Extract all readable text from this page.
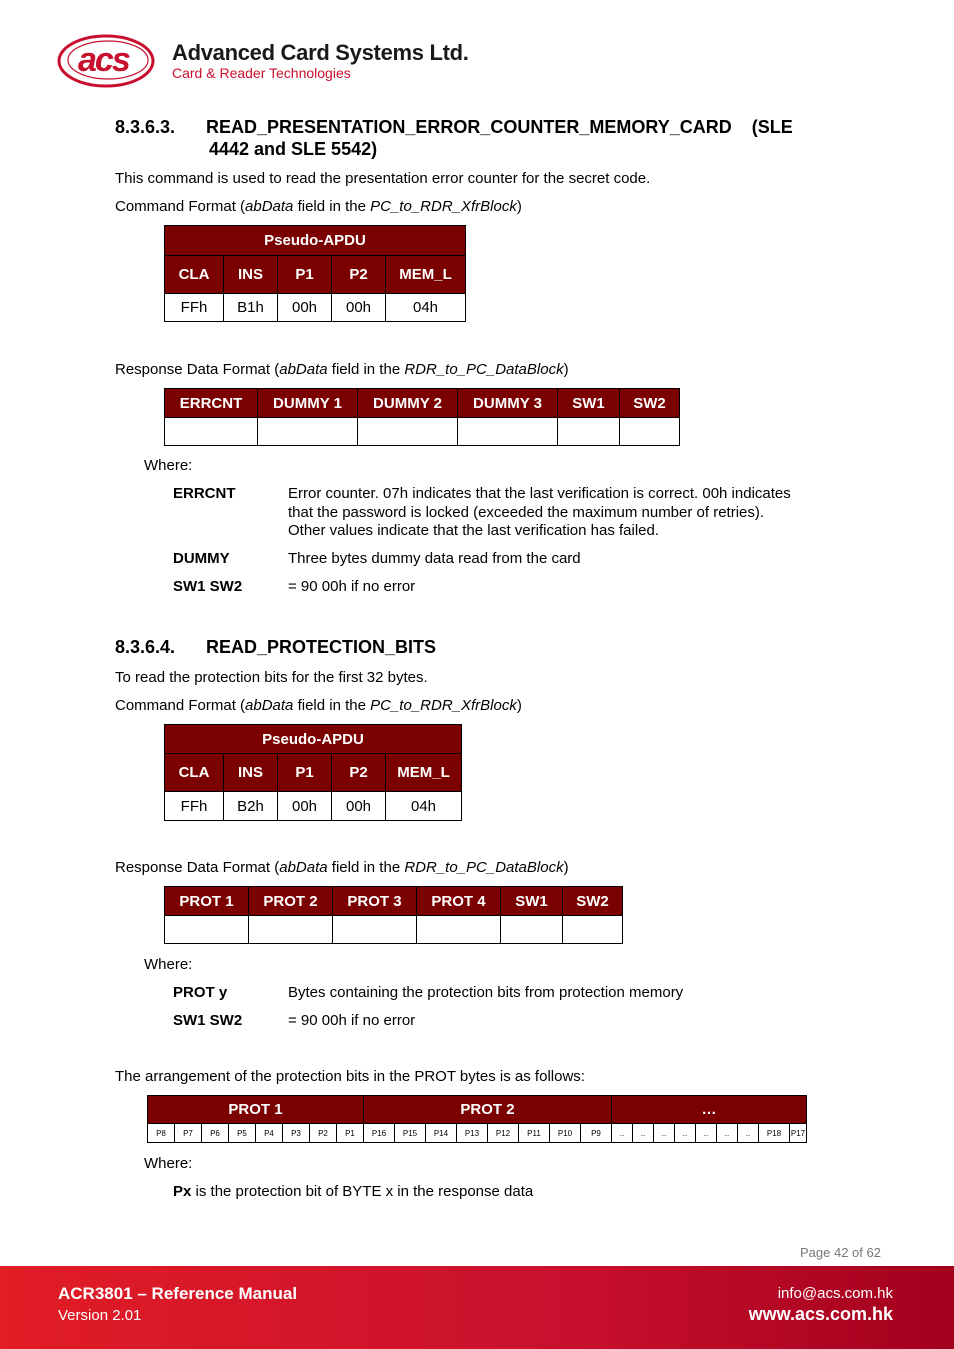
acs Advanced Card Systems Ltd.
Card & Reader Technologies
8.3.6.3. READ_PRESENTATION_ERROR_COUNTER_MEMORY_CARD    (SLE
4442 and SLE 5542)
This command is used to read the presentation error counter for the secret code.
Command Format (abData field in the PC_to_RDR_XfrBlock)
Pseudo-APDU				
CLA	INS	P1	P2	MEM_L
FFh	B1h	00h	00h	04h
Response Data Format (abData field in the RDR_to_PC_DataBlock)
ERRCNT	DUMMY 1	DUMMY 2	DUMMY 3	SW1	SW2

Where:
ERRCNT	Error counter. 07h indicates that the last verification is correct. 00h indicates
that the password is locked (exceeded the maximum number of retries).
Other values indicate that the last verification has failed.
DUMMY	Three bytes dummy data read from the card
SW1 SW2	= 90 00h if no error
8.3.6.4. READ_PROTECTION_BITS
To read the protection bits for the first 32 bytes.
Command Format (abData field in the PC_to_RDR_XfrBlock)
Pseudo-APDU				
CLA	INS	P1	P2	MEM_L
FFh	B2h	00h	00h	04h
Response Data Format (abData field in the RDR_to_PC_DataBlock)
PROT 1	PROT 2	PROT 3	PROT 4	SW1	SW2

Where:
PROT y	Bytes containing the protection bits from protection memory
SW1 SW2	= 90 00h if no error
The arrangement of the protection bits in the PROT bytes is as follows:
PROT 1								PROT 2								…								
P8	P7	P6	P5	P4	P3	P2	P1	P16	P15	P14	P13	P12	P11	P10	P9	..	..	..	..	..	..	..	P18	P17
Where:
Px is the protection bit of BYTE x in the response data
Page 42 of 62
ACR3801 – Reference Manual
Version 2.01
info@acs.com.hk
www.acs.com.hk
